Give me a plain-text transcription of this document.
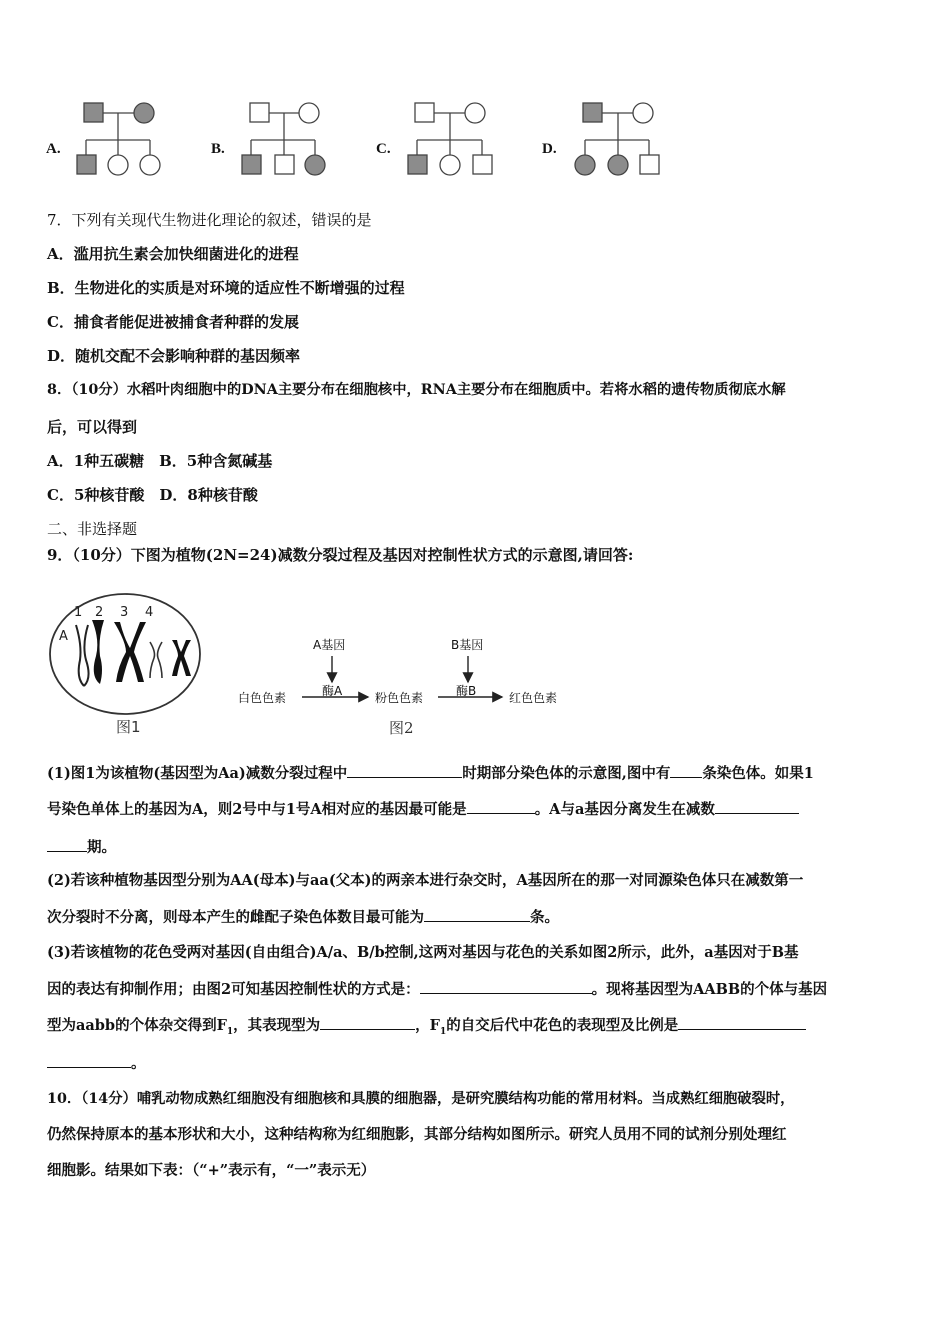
A.	B.	C.	D.
7．下列有关现代生物进化理论的叙述，错误的是
A．滥用抗生素会加快细菌进化的进程
B．生物进化的实质是对环境的适应性不断增强的过程
C．捕食者能促进被捕食者种群的发展
D．随机交配不会影响种群的基因频率
8．（10分）水稻叶肉细胞中的DNA主要分布在细胞核中，RNA主要分布在细胞质中。若将水稻的遗传物质彻底水解
后，可以得到
A．1种五碳糖　B．5种含氮碱基
C．5种核苷酸　D．8种核苷酸
二、非选择题
9．（10分）下图为植物(2N=24)减数分裂过程及基因对控制性状方式的示意图,请回答:
1 2 3 4
A
图1
A基因	B基因
酶A	酶B
白色色素	粉色色素	红色色素
图2
(1)图1为该植物(基因型为Aa)减数分裂过程中	时期部分染色体的示意图,图中有 条染色体。如果1
号染色单体上的基因为A，则2号中与1号A相对应的基因最可能是	。A与a基因分离发生在减数
期。
(2)若该种植物基因型分别为AA(母本)与aa(父本)的两亲本进行杂交时，A基因所在的那一对同源染色体只在减数第一
次分裂时不分离，则母本产生的雌配子染色体数目最可能为	条。
(3)若该植物的花色受两对基因(自由组合)A/a、B/b控制,这两对基因与花色的关系如图2所示，此外，a基因对于B基
因的表达有抑制作用；由图2可知基因控制性状的方式是：	。现将基因型为AABB的个体与基因
型为aabb的个体杂交得到$F_1$，其表现型为	，$F_1$的自交后代中花色的表现型及比例是
。
10．（14分）哺乳动物成熟红细胞没有细胞核和具膜的细胞器，是研究膜结构功能的常用材料。当成熟红细胞破裂时，
仍然保持原本的基本形状和大小，这种结构称为红细胞影，其部分结构如图所示。研究人员用不同的试剂分别处理红
细胞影。结果如下表：（“+”表示有，“一”表示无）
